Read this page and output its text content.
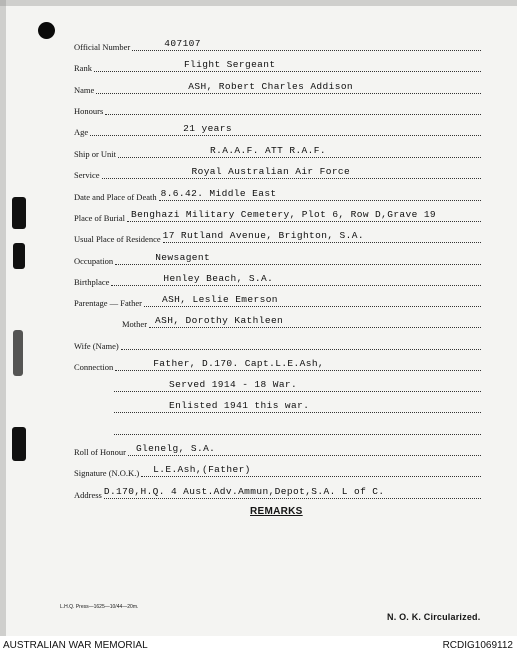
Official Number	407107
Rank	Flight Sergeant
Name	ASH, Robert Charles Addison
Honours
Age	21 years
Ship or Unit	R.A.A.F. ATT R.A.F.
Service	Royal Australian Air Force
Date and Place of Death 8.6.42. Middle East
Place of Burial Benghazi Military Cemetery, Plot 6, Row D,Grave 19
Usual Place of Residence 17 Rutland Avenue, Brighton, S.A.
Occupation	Newsagent
Birthplace	Henley Beach, S.A.
Parentage — Father ASH, Leslie Emerson
Mother ASH, Dorothy Kathleen
Wife (Name)
Connection	Father, D.170. Capt.L.E.Ash,
Served 1914 - 18 War.
Enlisted 1941 this war.
Roll of Honour Glenelg, S.A.
Signature (N.O.K.) L.E.Ash,(Father)
Address D.170,H.Q. 4 Aust.Adv.Ammun,Depot,S.A. L of C.
REMARKS
L.H.Q. Press—1625—10/44—20m.
N. O. K. Circularized.
AUSTRALIAN WAR MEMORIAL	RCDIG1069112
